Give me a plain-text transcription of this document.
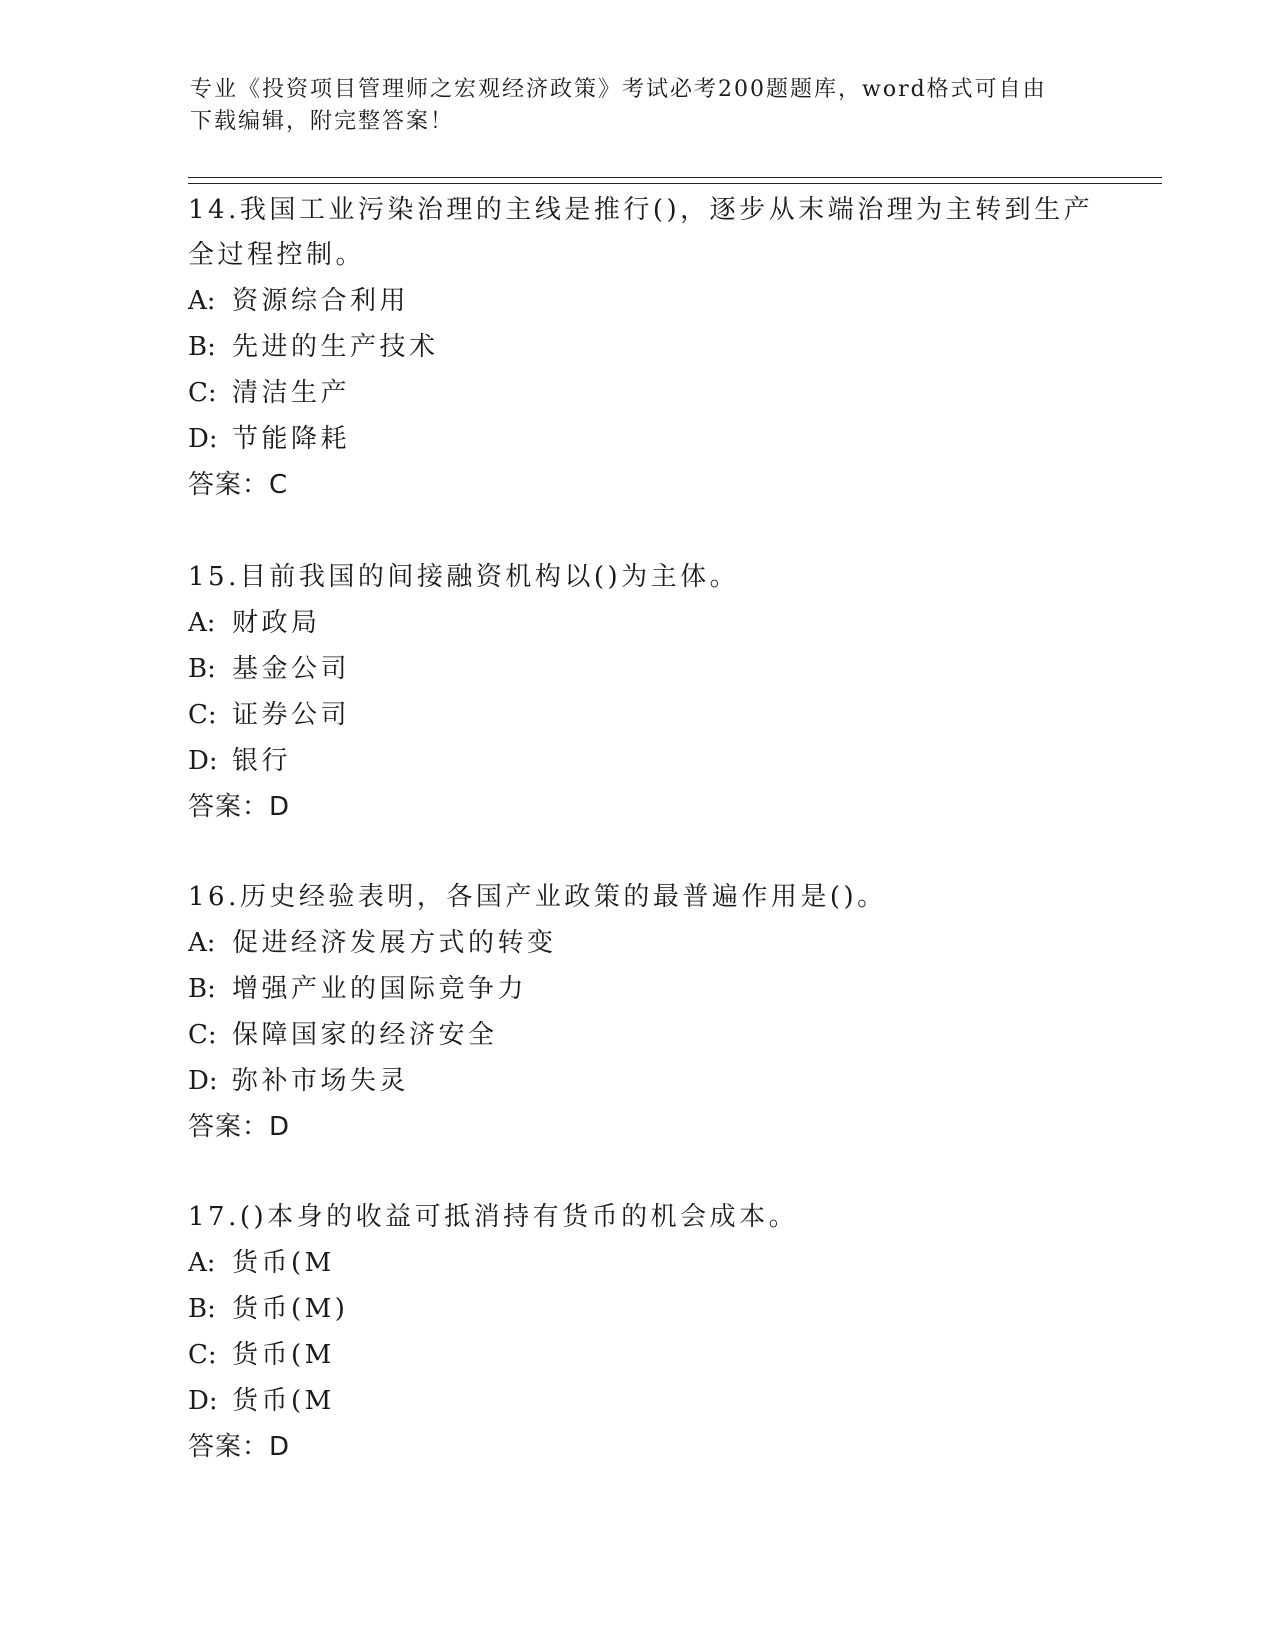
专业《投资项目管理师之宏观经济政策》考试必考200题题库，word格式可自由
下载编辑，附完整答案！

14.我国工业污染治理的主线是推行()，逐步从末端治理为主转到生产全过程控制。

A: 资源综合利用

B: 先进的生产技术

C: 清洁生产

D: 节能降耗

答案：C

15.目前我国的间接融资机构以()为主体。

A: 财政局

B: 基金公司

C: 证券公司

D: 银行

答案：D

16.历史经验表明，各国产业政策的最普遍作用是()。

A: 促进经济发展方式的转变

B: 增强产业的国际竞争力

C: 保障国家的经济安全

D: 弥补市场失灵

答案：D

17.()本身的收益可抵消持有货币的机会成本。

A: 货币(M

B: 货币(M)

C: 货币(M

D: 货币(M

答案：D
